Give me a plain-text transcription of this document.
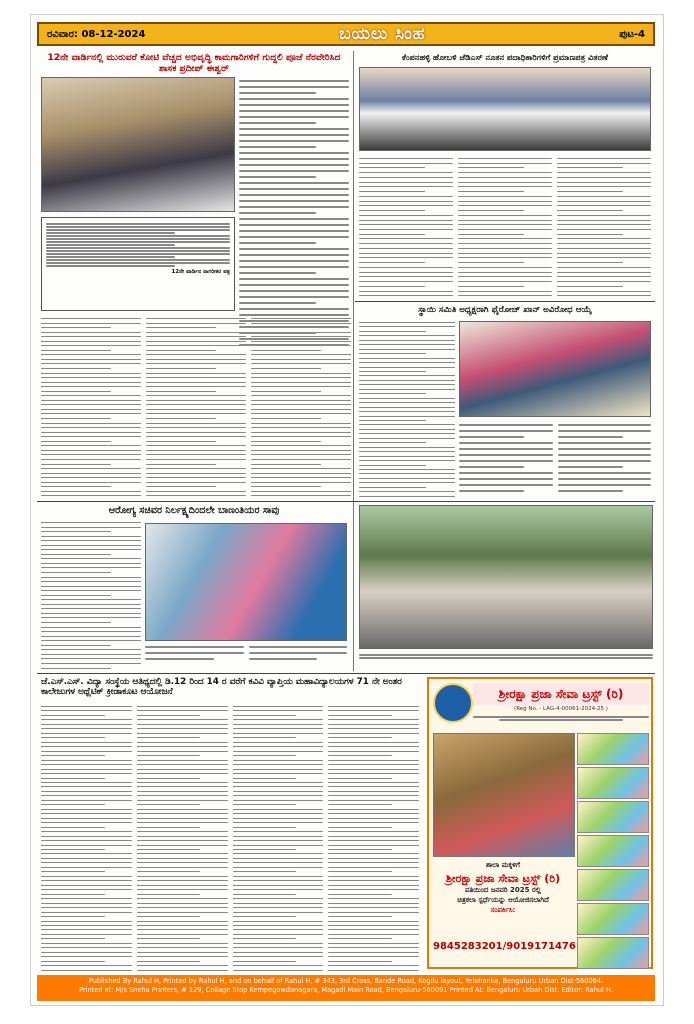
ರವಿವಾರ: 08-12-2024	ಬಯಲು ಸಿಂಹ	ಪುಟ-4
12ನೇ ವಾರ್ಡಿನಲ್ಲಿ ಮುರುವರೆ ಕೋಟಿ ವೆಚ್ಚದ ಅಭಿವೃದ್ಧಿ ಕಾಮಗಾರಿಗಳಿಗೆ ಗುದ್ದಲಿ ಪೂಜೆ ನೆರವೇರಿಸಿದ ಶಾಸಕ ಪ್ರದೀಪ್ ಈಶ್ವರ್
12ನೇ ವಾರ್ಡಿನ ನಾಗರೀಕರ ಪತ್ರ
ಕೆಂಪನಹಳ್ಳಿ ಹೋಬಳಿ ಜೆಡಿಎಸ್ ನೂತನ ಪದಾಧಿಕಾರಿಗಳಿಗೆ ಪ್ರಮಾಣಪತ್ರ ವಿತರಣೆ
ಸ್ಥಾಯಿ ಸಮಿತಿ ಅಧ್ಯಕ್ಷರಾಗಿ ಫೈರೋಜ್ ಖಾನ್ ಅವಿರೋಧ ಆಯ್ಕೆ
ಆರೋಗ್ಯ ಸಚಿವರ ನಿರ್ಲಕ್ಷ್ಯದಿಂದಲೇ ಬಾಣಂತಿಯರ ಸಾವು
ಜೆ.ಎಸ್.ಎಸ್. ವಿದ್ಯಾ ಸಂಸ್ಥೆಯ ಆತಿಥ್ಯದಲ್ಲಿ ಡಿ.12 ರಿಂದ 14 ರ ವರೆಗೆ ಕವಿವಿ ವ್ಯಾಪ್ತಿಯ ಮಹಾವಿದ್ಯಾಲಯಗಳ 71 ನೇ ಅಂತರ ಕಾಲೇಜುಗಳ ಅಥ್ಲೆಟಿಕ್ ಕ್ರೀಡಾಕೂಟ ಆಯೋಜನೆ	ಶ್ರೀರಕ್ಷಾ ಪ್ರಜಾ ಸೇವಾ ಟ್ರಸ್ಟ್ (ರಿ)
(Reg No. - LAG-4-00061-2024-25 )
ಶಾಲಾ ಮಕ್ಕಳಿಗೆ
ಶ್ರೀರಕ್ಷಾ ಪ್ರಜಾ ಸೇವಾ ಟ್ರಸ್ಟ್ (ರಿ)
ವತಿಯಿಂದ ಜನವರಿ 2025 ರಲ್ಲಿ
ಚಿತ್ರಕಲಾ ಸ್ಪರ್ಧೆಯನ್ನು ಆಯೋಜಿಸಲಾಗಿದೆ
ಸಂಪರ್ಕಿಸಿ:
9845283201/9019171476
Published By Rahul H, Printed by Rahul H, and on behalf of Rahul H, # 343, 3rd Cross, Bande Road, Kogilu layout, Yelahanka, Bengaluru Urban Dist-560064.
Printed at: M/s Sneha Printers, # 129, Collage Stop Kempegowdanagara, Magadi Main Road, Bengaluru-560091 Printed At: Bengaluru Urban Dist. Editor: Rahul H.
